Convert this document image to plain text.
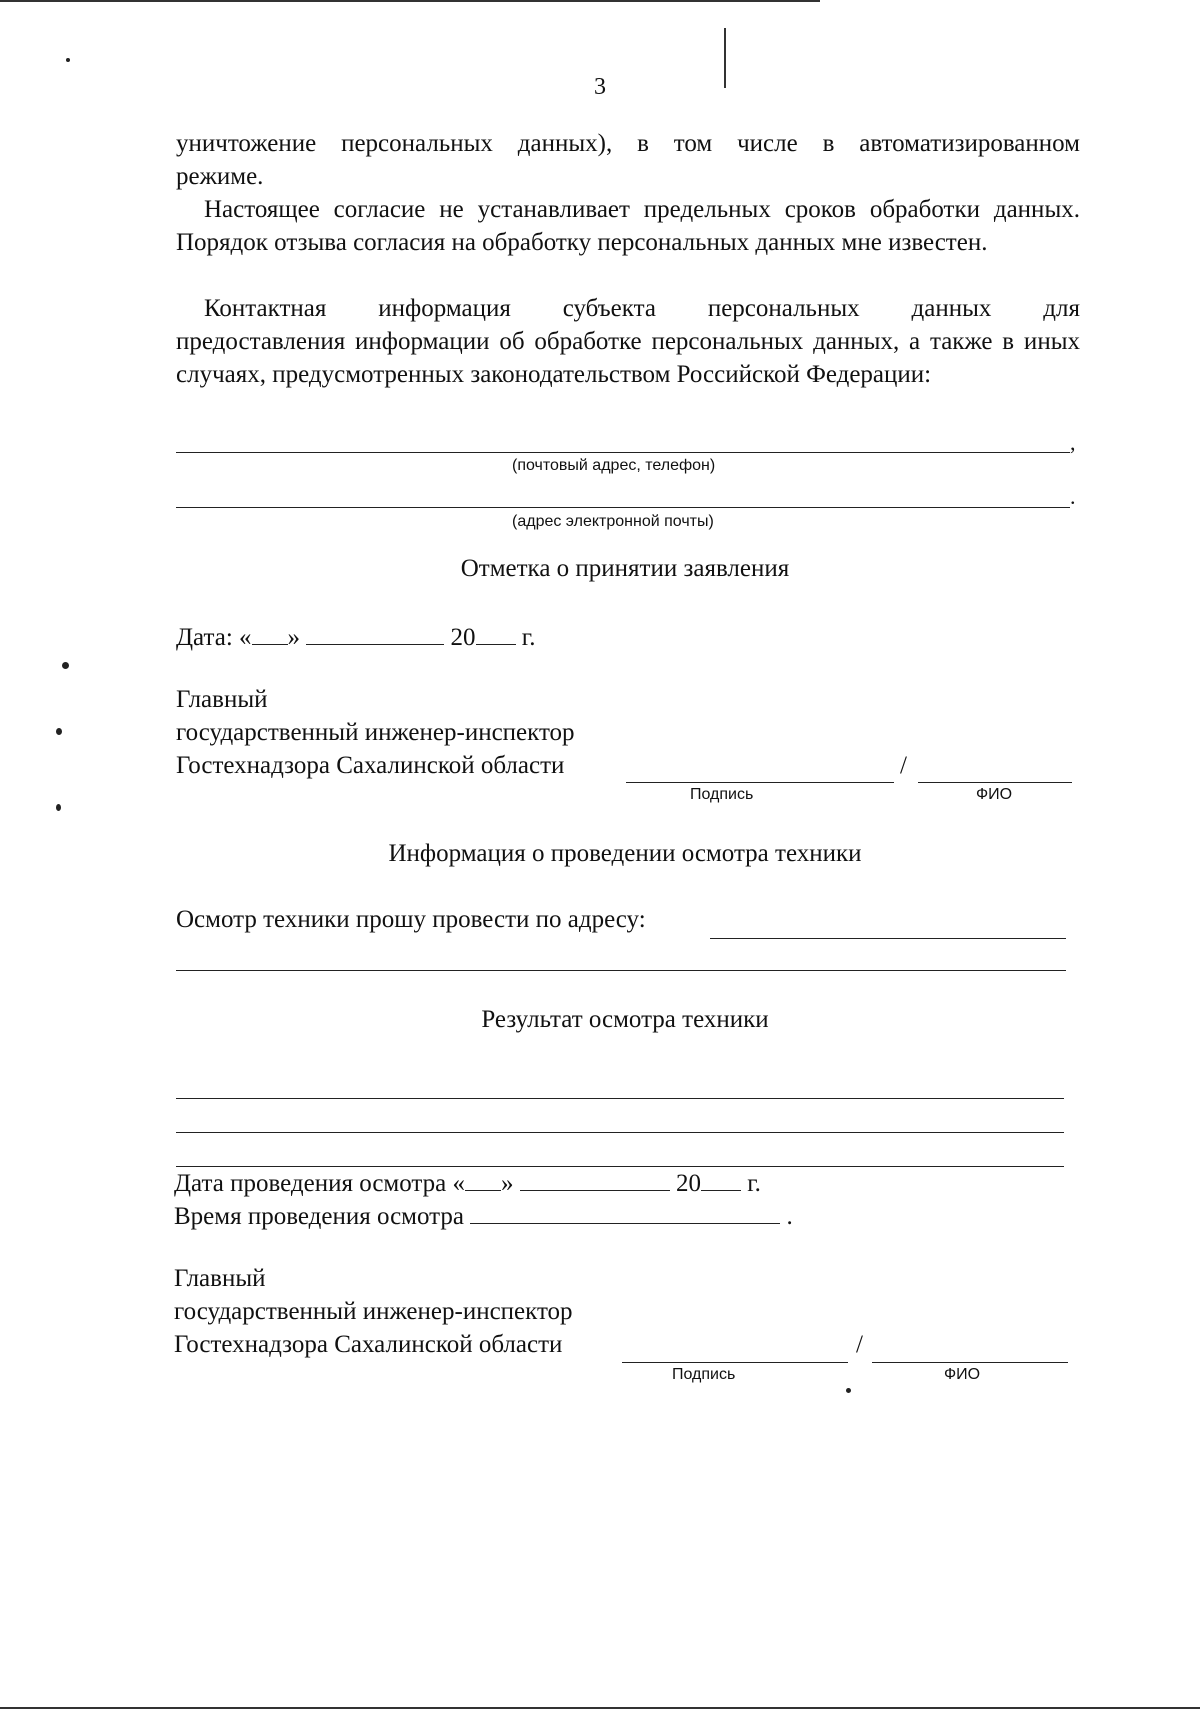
3
уничтожение персональных данных), в том числе в автоматизированном
режиме.
Настоящее согласие не устанавливает предельных сроков обработки данных. Порядок отзыва согласия на обработку персональных данных мне известен.
Контактная информация субъекта персональных данных для
предоставления информации об обработке персональных данных, а также в иных случаях, предусмотренных законодательством Российской Федерации:
,
(почтовый адрес, телефон)
.
(адрес электронной почты)
Отметка о принятии заявления
Дата: « »	20 г.
Главный
государственный инженер-инспектор
Гостехнадзора Сахалинской области	/
Подпись	ФИО
Информация о проведении осмотра техники
Осмотр техники прошу провести по адресу:
Результат осмотра техники
Дата проведения осмотра « »	20 г.
Время проведения осмотра	.
Главный
государственный инженер-инспектор
Гостехнадзора Сахалинской области	/
Подпись	ФИО
